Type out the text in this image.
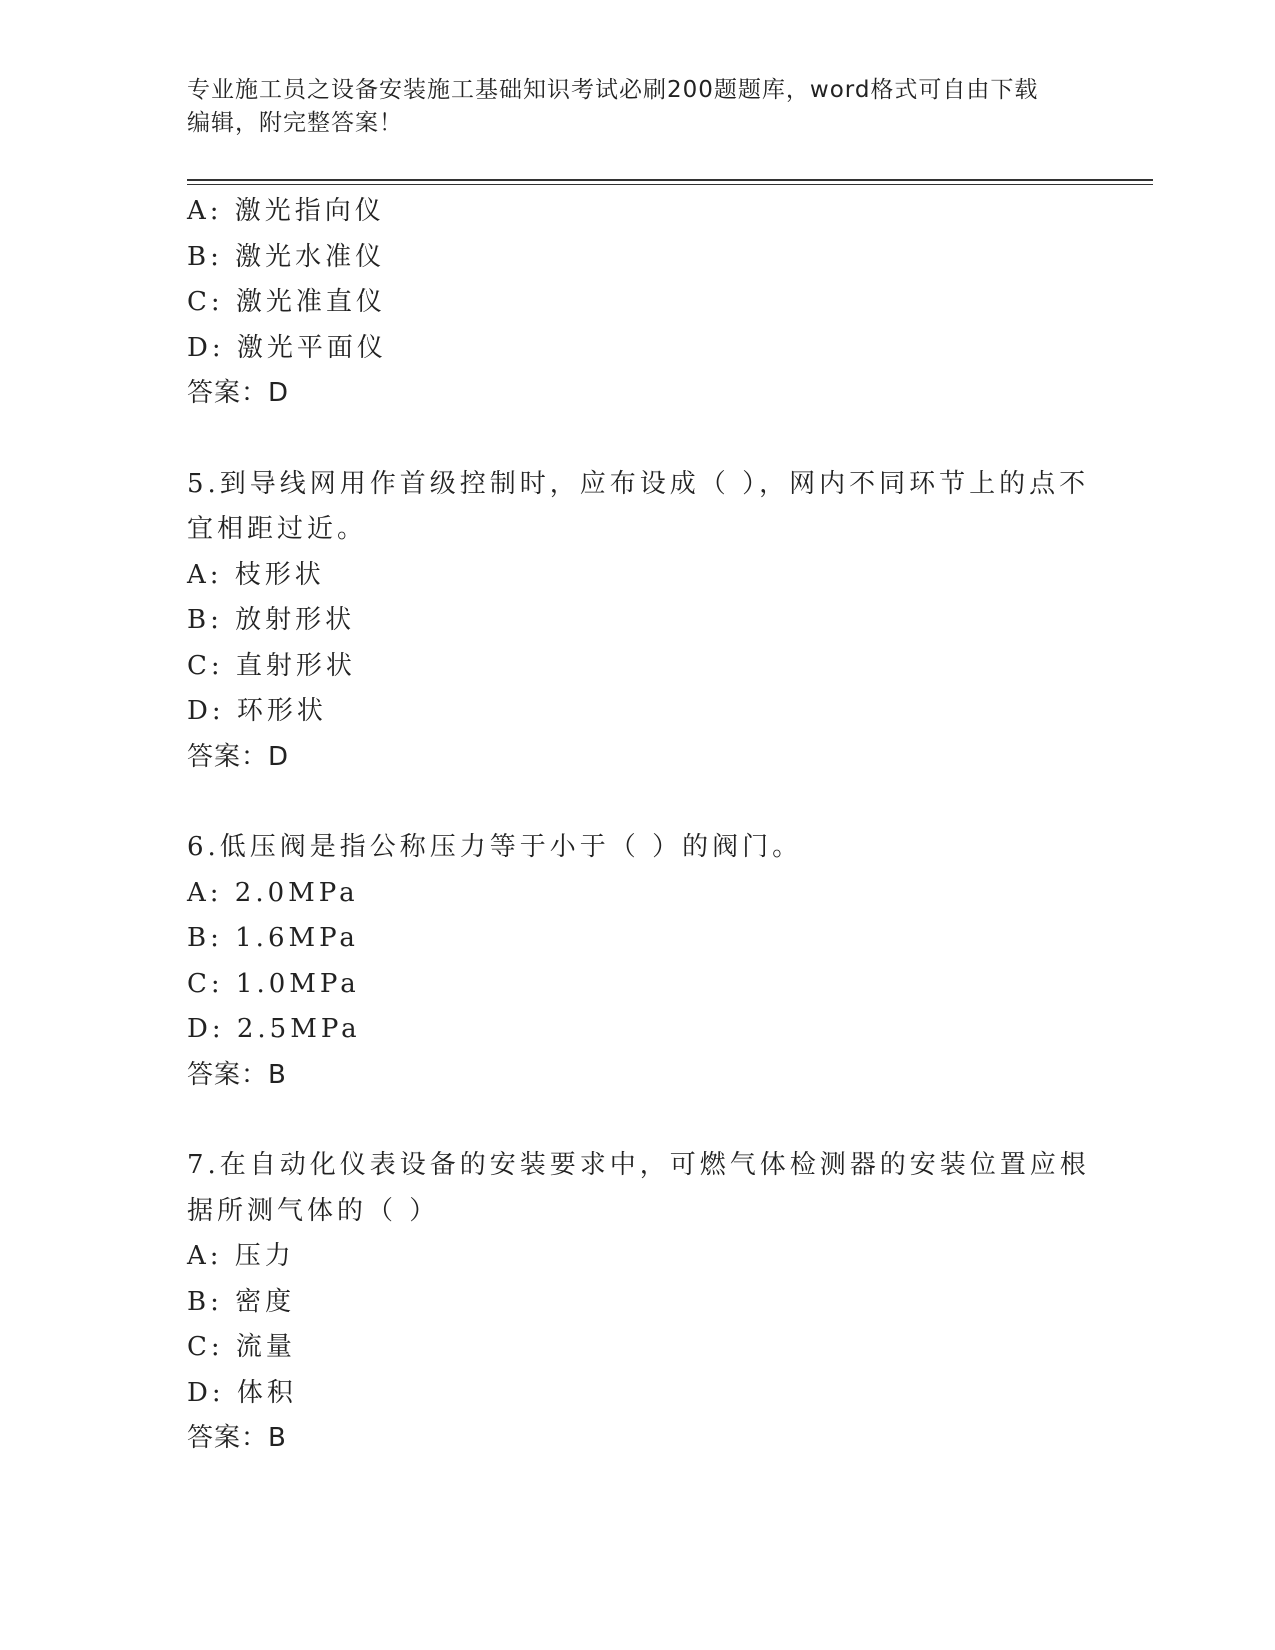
专业施工员之设备安装施工基础知识考试必刷200题题库，word格式可自由下载
编辑，附完整答案！
A: 激光指向仪
B: 激光水准仪
C: 激光准直仪
D: 激光平面仪
答案：D
5.到导线网用作首级控制时，应布设成（ ），网内不同环节上的点不
宜相距过近。
A: 枝形状
B: 放射形状
C: 直射形状
D: 环形状
答案：D
6.低压阀是指公称压力等于小于（ ）的阀门。
A: 2.0MPa
B: 1.6MPa
C: 1.0MPa
D: 2.5MPa
答案：B
7.在自动化仪表设备的安装要求中，可燃气体检测器的安装位置应根
据所测气体的（ ）
A: 压力
B: 密度
C: 流量
D: 体积
答案：B
